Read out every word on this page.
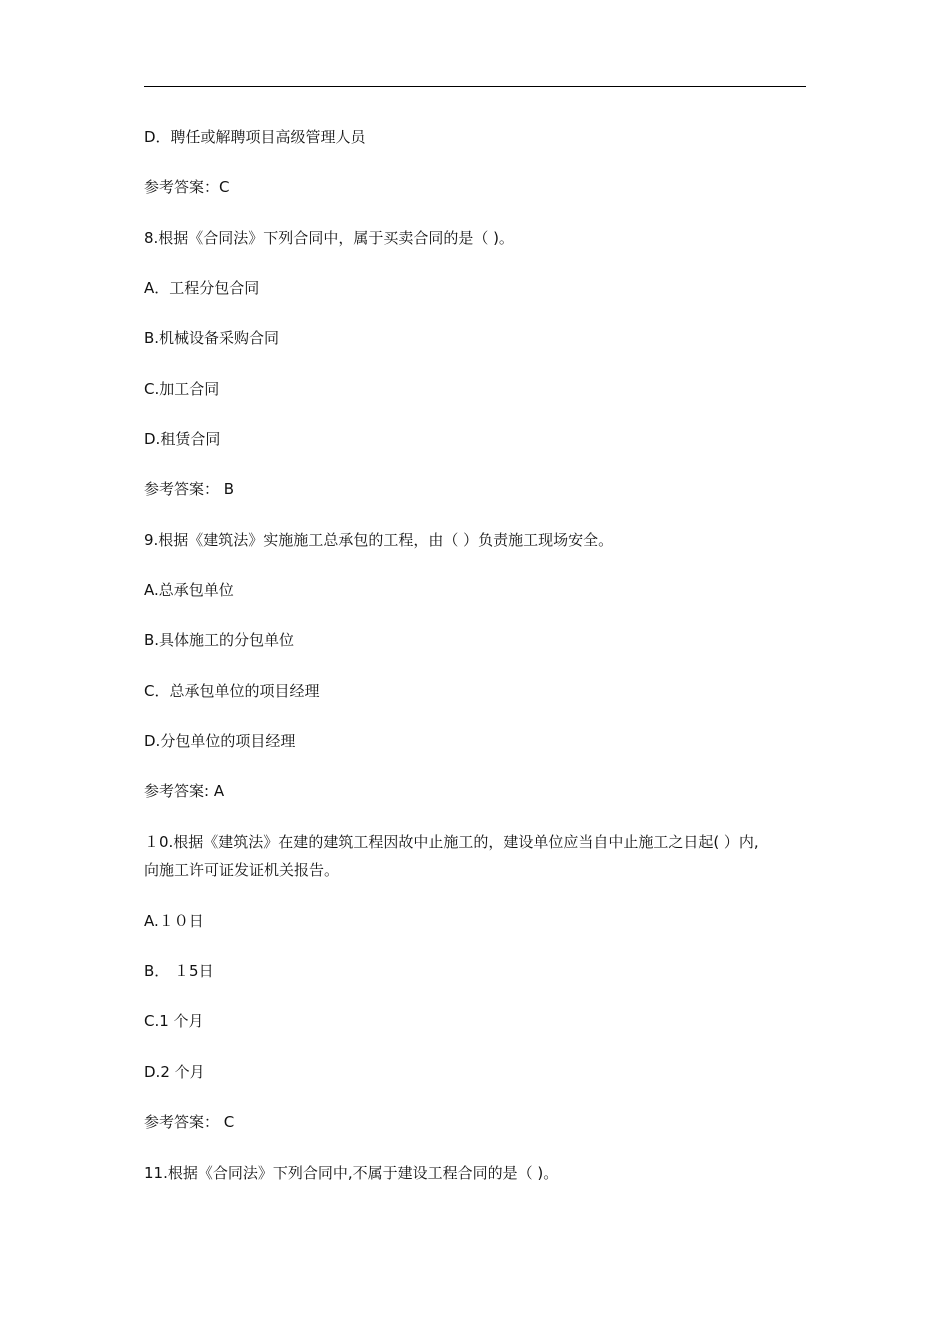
D．聘任或解聘项目高级管理人员
参考答案：C
8.根据《合同法》下列合同中，属于买卖合同的是（ )。
A．工程分包合同
B.机械设备采购合同
C.加工合同
D.租赁合同
参考答案： B
9.根据《建筑法》实施施工总承包的工程，由（ ）负责施工现场安全。
A.总承包单位
B.具体施工的分包单位
C．总承包单位的项目经理
D.分包单位的项目经理
参考答案: A
１0.根据《建筑法》在建的建筑工程因故中止施工的，建设单位应当自中止施工之日起( ）内,
向施工许可证发证机关报告。
A.１０日
B． １5日
C.1 个月
D.2 个月
参考答案： C
11.根据《合同法》下列合同中,不属于建设工程合同的是（ )。
